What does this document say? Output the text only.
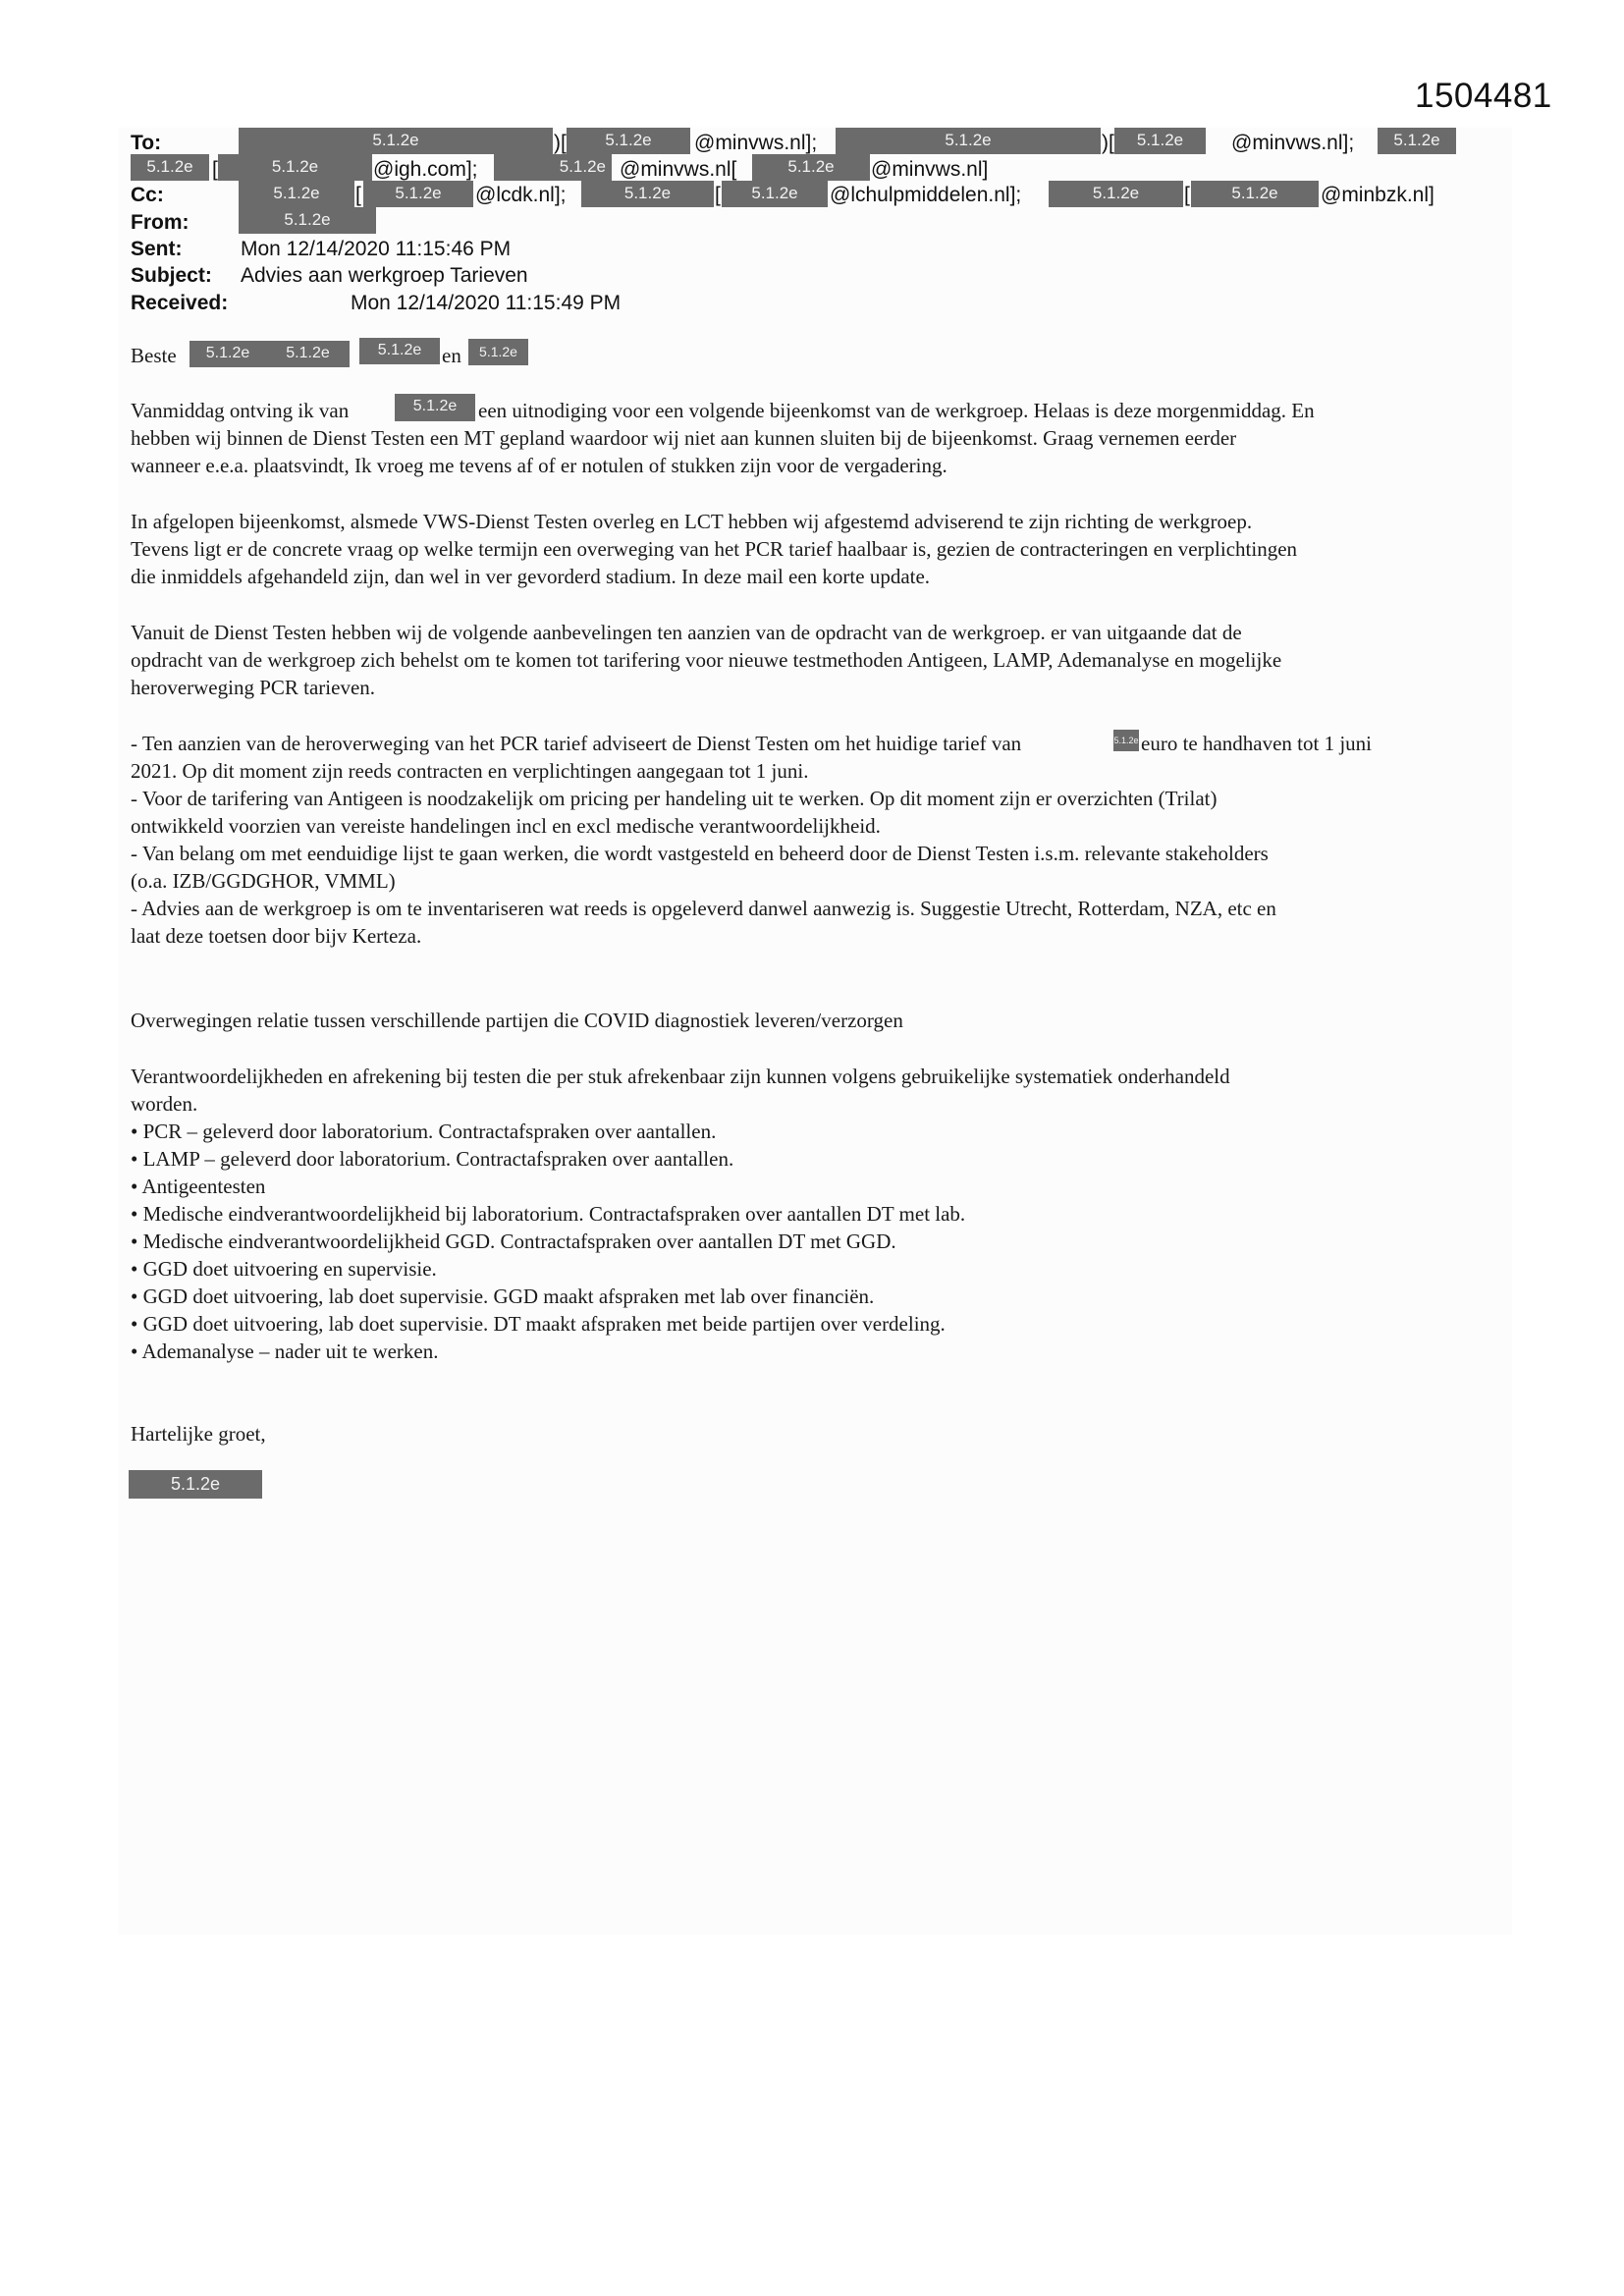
1504481
To:	5.1.2e	)[	5.1.2e	@minvws.nl];	5.1.2e	)[	5.1.2e	@minvws.nl];	5.1.2e
5.1.2e [	5.1.2e	@igh.com];	5.1.2e @minvws.nl[	5.1.2e	@minvws.nl]
Cc:	5.1.2e	[	5.1.2e	@lcdk.nl];	5.1.2e	[	5.1.2e	@lchulpmiddelen.nl];	5.1.2e	[	5.1.2e	@minbzk.nl]
From:	5.1.2e
Sent:	Mon 12/14/2020 11:15:46 PM
Subject: Advies aan werkgroep Tarieven
Received:	Mon 12/14/2020 11:15:49 PM
Beste	5.1.2e	5.1.2e	5.1.2e en	5.1.2e
Vanmiddag ontving ik van	5.1.2e	een uitnodiging voor een volgende bijeenkomst van de werkgroep. Helaas is deze morgenmiddag. En
hebben wij binnen de Dienst Testen een MT gepland waardoor wij niet aan kunnen sluiten bij de bijeenkomst. Graag vernemen eerder
wanneer e.e.a. plaatsvindt, Ik vroeg me tevens af of er notulen of stukken zijn voor de vergadering.
In afgelopen bijeenkomst, alsmede VWS-Dienst Testen overleg en LCT hebben wij afgestemd adviserend te zijn richting de werkgroep.
Tevens ligt er de concrete vraag op welke termijn een overweging van het PCR tarief haalbaar is, gezien de contracteringen en verplichtingen
die inmiddels afgehandeld zijn, dan wel in ver gevorderd stadium. In deze mail een korte update.
Vanuit de Dienst Testen hebben wij de volgende aanbevelingen ten aanzien van de opdracht van de werkgroep. er van uitgaande dat de
opdracht van de werkgroep zich behelst om te komen tot tarifering voor nieuwe testmethoden Antigeen, LAMP, Ademanalyse en mogelijke
heroverweging PCR tarieven.
- Ten aanzien van de heroverweging van het PCR tarief adviseert de Dienst Testen om het huidige tarief van	5.1.2e euro te handhaven tot 1 juni
2021. Op dit moment zijn reeds contracten en verplichtingen aangegaan tot 1 juni.
- Voor de tarifering van Antigeen is noodzakelijk om pricing per handeling uit te werken. Op dit moment zijn er overzichten (Trilat)
ontwikkeld voorzien van vereiste handelingen incl en excl medische verantwoordelijkheid.
- Van belang om met eenduidige lijst te gaan werken, die wordt vastgesteld en beheerd door de Dienst Testen i.s.m. relevante stakeholders
(o.a. IZB/GGDGHOR, VMML)
- Advies aan de werkgroep is om te inventariseren wat reeds is opgeleverd danwel aanwezig is. Suggestie Utrecht, Rotterdam, NZA, etc en
laat deze toetsen door bijv Kerteza.
Overwegingen relatie tussen verschillende partijen die COVID diagnostiek leveren/verzorgen
Verantwoordelijkheden en afrekening bij testen die per stuk afrekenbaar zijn kunnen volgens gebruikelijke systematiek onderhandeld
worden.
• PCR – geleverd door laboratorium. Contractafspraken over aantallen.
• LAMP – geleverd door laboratorium. Contractafspraken over aantallen.
• Antigeentesten
• Medische eindverantwoordelijkheid bij laboratorium. Contractafspraken over aantallen DT met lab.
• Medische eindverantwoordelijkheid GGD. Contractafspraken over aantallen DT met GGD.
• GGD doet uitvoering en supervisie.
• GGD doet uitvoering, lab doet supervisie. GGD maakt afspraken met lab over financiën.
• GGD doet uitvoering, lab doet supervisie. DT maakt afspraken met beide partijen over verdeling.
• Ademanalyse – nader uit te werken.
Hartelijke groet,
5.1.2e
